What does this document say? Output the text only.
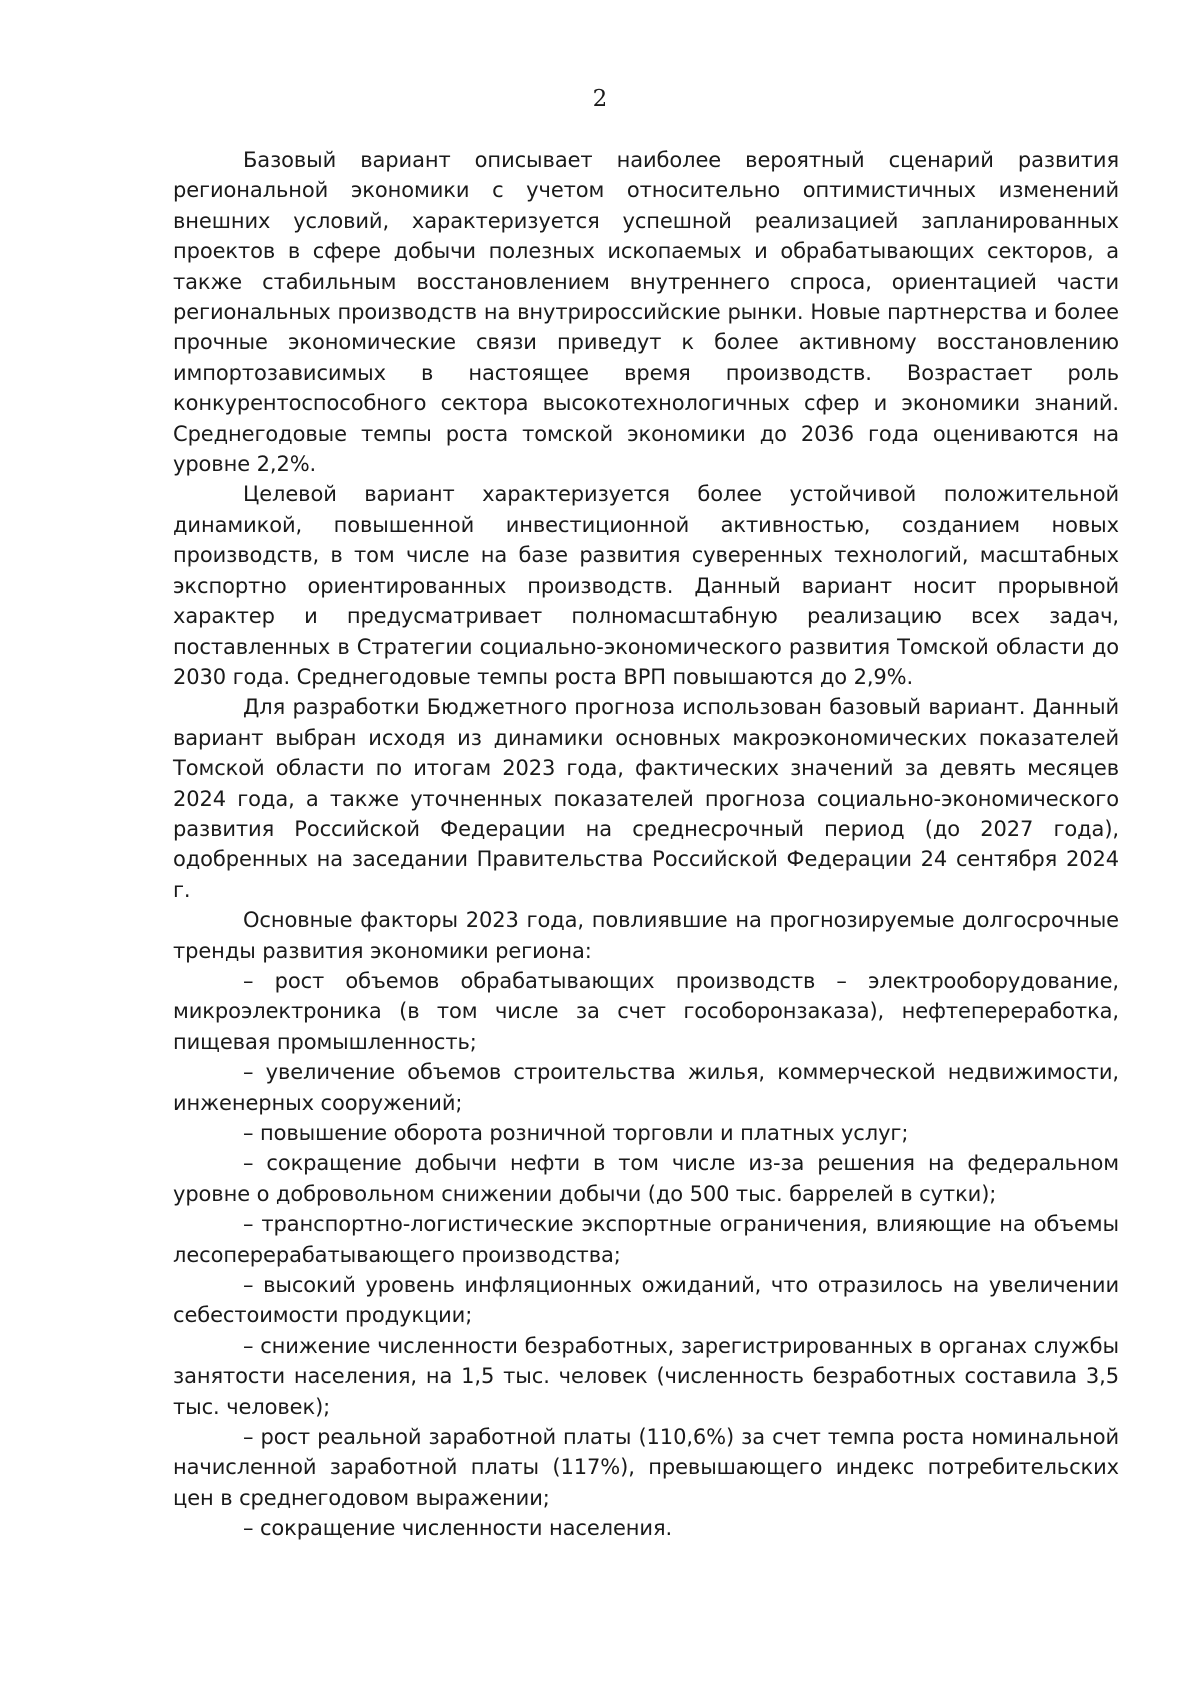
2

Базовый вариант описывает наиболее вероятный сценарий развития региональной экономики с учетом относительно оптимистичных изменений внешних условий, характеризуется успешной реализацией запланированных проектов в сфере добычи полезных ископаемых и обрабатывающих секторов, а также стабильным восстановлением внутреннего спроса, ориентацией части региональных производств на внутрироссийские рынки. Новые партнерства и более прочные экономические связи приведут к более активному восстановлению импортозависимых в настоящее время производств. Возрастает роль конкурентоспособного сектора высокотехнологичных сфер и экономики знаний. Среднегодовые темпы роста томской экономики до 2036 года оцениваются на уровне 2,2%.

Целевой вариант характеризуется более устойчивой положительной динамикой, повышенной инвестиционной активностью, созданием новых производств, в том числе на базе развития суверенных технологий, масштабных экспортно ориентированных производств. Данный вариант носит прорывной характер и предусматривает полномасштабную реализацию всех задач, поставленных в Стратегии социально-экономического развития Томской области до 2030 года. Среднегодовые темпы роста ВРП повышаются до 2,9%.

Для разработки Бюджетного прогноза использован базовый вариант. Данный вариант выбран исходя из динамики основных макроэкономических показателей Томской области по итогам 2023 года, фактических значений за девять месяцев 2024 года, а также уточненных показателей прогноза социально-экономического развития Российской Федерации на среднесрочный период (до 2027 года), одобренных на заседании Правительства Российской Федерации 24 сентября 2024 г.

Основные факторы 2023 года, повлиявшие на прогнозируемые долгосрочные тренды развития экономики региона:

– рост объемов обрабатывающих производств – электрооборудование, микроэлектроника (в том числе за счет гособоронзаказа), нефтепереработка, пищевая промышленность;
– увеличение объемов строительства жилья, коммерческой недвижимости, инженерных сооружений;
– повышение оборота розничной торговли и платных услуг;
– сокращение добычи нефти в том числе из-за решения на федеральном уровне о добровольном снижении добычи (до 500 тыс. баррелей в сутки);
– транспортно-логистические экспортные ограничения, влияющие на объемы лесоперерабатывающего производства;
– высокий уровень инфляционных ожиданий, что отразилось на увеличении себестоимости продукции;
– снижение численности безработных, зарегистрированных в органах службы занятости населения, на 1,5 тыс. человек (численность безработных составила 3,5 тыс. человек);
– рост реальной заработной платы (110,6%) за счет темпа роста номинальной начисленной заработной платы (117%), превышающего индекс потребительских цен в среднегодовом выражении;
– сокращение численности населения.
